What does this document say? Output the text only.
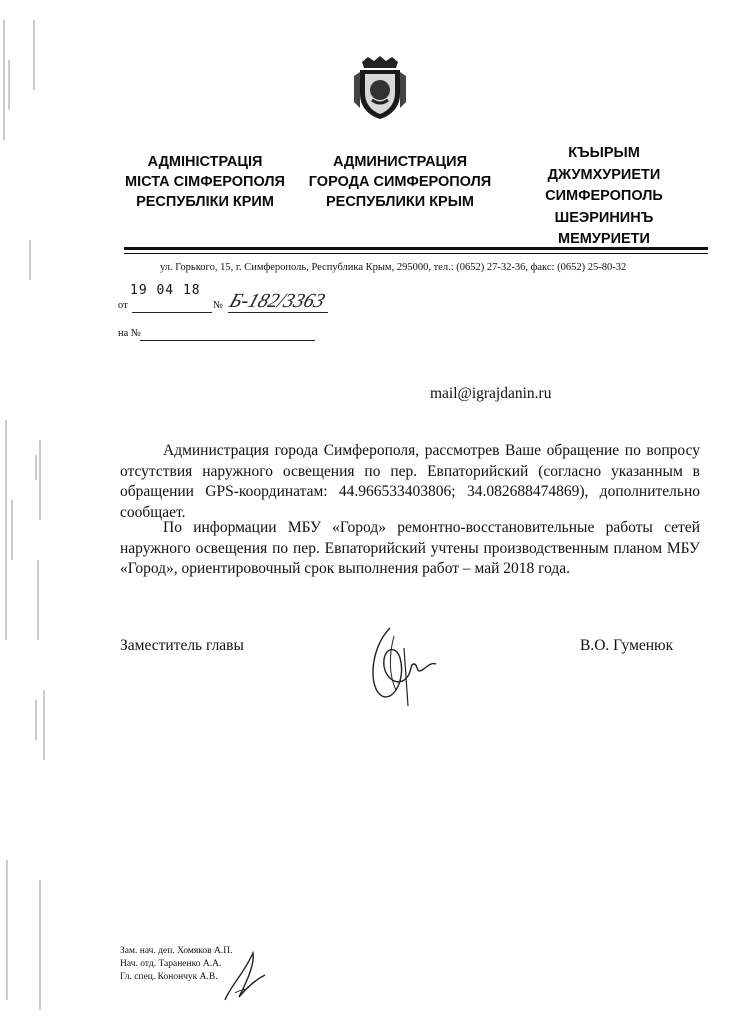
АДМІНІСТРАЦІЯ
МІСТА СІМФЕРОПОЛЯ
РЕСПУБЛІКИ КРИМ
АДМИНИСТРАЦИЯ
ГОРОДА СИМФЕРОПОЛЯ
РЕСПУБЛИКИ КРЫМ
КЪЫРЫМ
ДЖУМХУРИЕТИ
СИМФЕРОПОЛЬ
ШЕЭРИНИНЪ
МЕМУРИЕТИ
ул. Горького, 15, г. Симферополь, Республика Крым, 295000, тел.: (0652) 27-32-36, факс: (0652) 25-80-32
19 04 18
от	№ Б-182/3363
на №
mail@igrajdanin.ru
Администрация города Симферополя, рассмотрев Ваше обращение по вопросу отсутствия наружного освещения по пер. Евпаторийский (согласно указанным в обращении GPS-координатам: 44.966533403806; 34.082688474869), дополнительно сообщает.
По информации МБУ «Город» ремонтно-восстановительные работы сетей наружного освещения по пер. Евпаторийский учтены производственным планом МБУ «Город», ориентировочный срок выполнения работ – май 2018 года.
Заместитель главы	В.О. Гуменюк
Зам. нач. деп. Хомяков А.П.
Нач. отд. Тараненко А.А.
Гл. спец. Конончук А.В.
